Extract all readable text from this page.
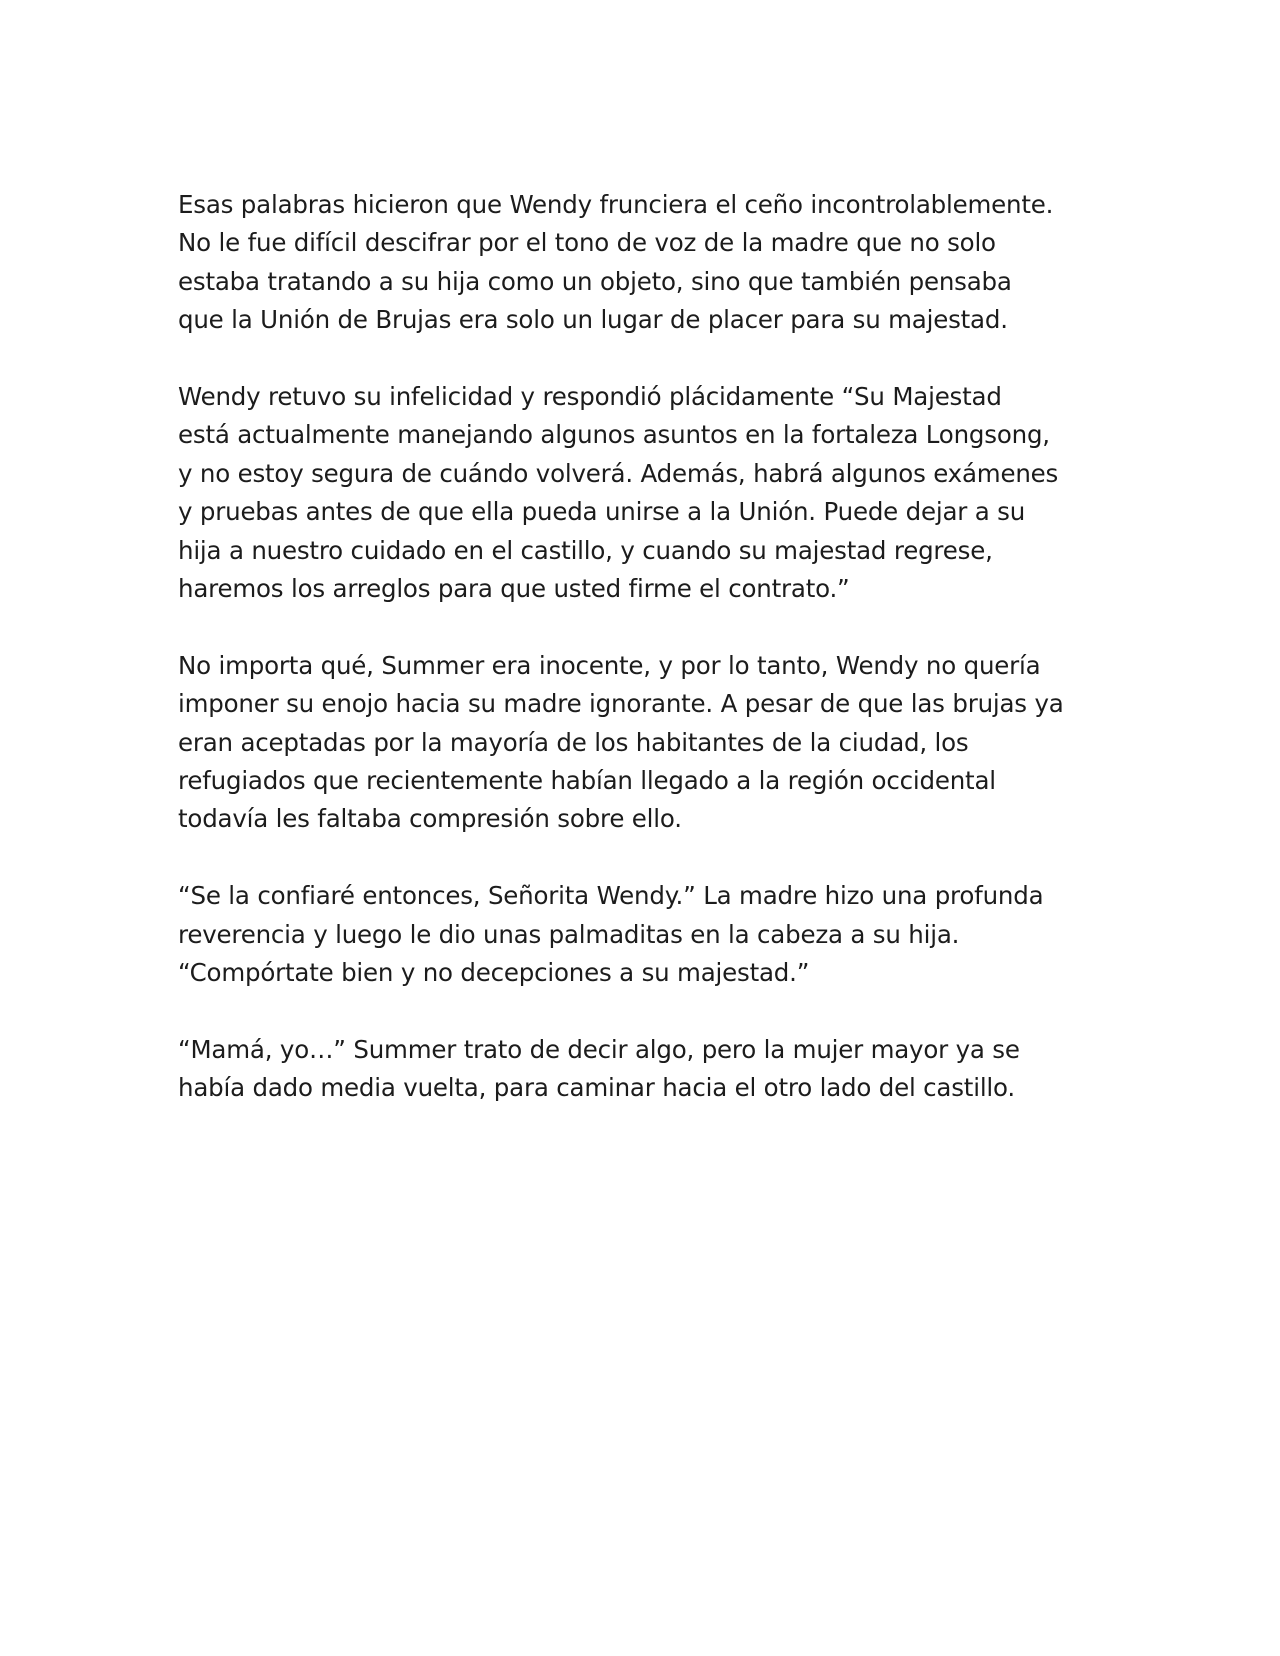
Esas palabras hicieron que Wendy frunciera el ceño incontrolablemente.
No le fue difícil descifrar por el tono de voz de la madre que no solo
estaba tratando a su hija como un objeto, sino que también pensaba
que la Unión de Brujas era solo un lugar de placer para su majestad.

Wendy retuvo su infelicidad y respondió plácidamente “Su Majestad
está actualmente manejando algunos asuntos en la fortaleza Longsong,
y no estoy segura de cuándo volverá. Además, habrá algunos exámenes
y pruebas antes de que ella pueda unirse a la Unión. Puede dejar a su
hija a nuestro cuidado en el castillo, y cuando su majestad regrese,
haremos los arreglos para que usted firme el contrato.”

No importa qué, Summer era inocente, y por lo tanto, Wendy no quería
imponer su enojo hacia su madre ignorante. A pesar de que las brujas ya
eran aceptadas por la mayoría de los habitantes de la ciudad, los
refugiados que recientemente habían llegado a la región occidental
todavía les faltaba compresión sobre ello.

“Se la confiaré entonces, Señorita Wendy.” La madre hizo una profunda
reverencia y luego le dio unas palmaditas en la cabeza a su hija.
“Compórtate bien y no decepciones a su majestad.”

“Mamá, yo…” Summer trato de decir algo, pero la mujer mayor ya se
había dado media vuelta, para caminar hacia el otro lado del castillo.
